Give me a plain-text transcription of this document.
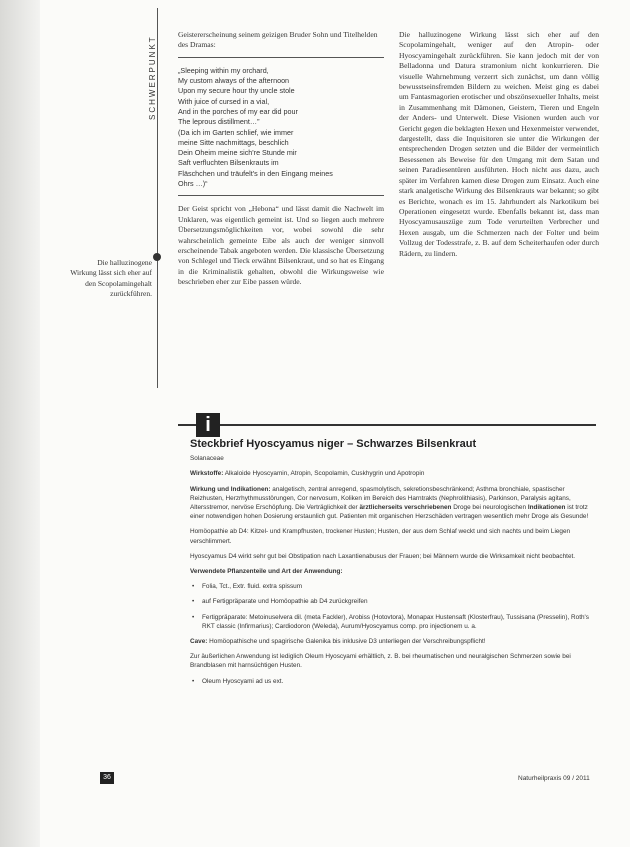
SCHWERPUNKT
Die halluzinogene Wirkung lässt sich eher auf den Scopolamingehalt zurückführen.

Geistererscheinung seinem geizigen Bruder Sohn und Titelhelden des Dramas:

„Sleeping within my orchard,
My custom always of the afternoon
Upon my secure hour thy uncle stole
With juice of cursed in a vial,
And in the porches of my ear did pour
The leprous distillment…”
(Da ich im Garten schlief, wie immer
meine Sitte nachmittags, beschlich
Dein Oheim meine sich're Stunde mir
Saft verfluchten Bilsenkrauts im
Fläschchen und träufelt's in den Eingang meines
Ohrs …)“

Der Geist spricht von „Hebona“ und lässt damit die Nachwelt im Unklaren, was eigentlich gemeint ist. Und so liegen auch mehrere Übersetzungsmöglichkeiten vor, wobei sowohl die sehr wahrscheinlich gemeinte Eibe als auch der weniger sinnvoll erscheinende Tabak angeboten werden. Die klassische Übersetzung von Schlegel und Tieck erwähnt Bilsenkraut, und so hat es Eingang in die Kriminalistik gehalten, obwohl die Wirkungsweise wie beschrieben eher zur Eibe passen würde.

Die halluzinogene Wirkung lässt sich eher auf den Scopolamingehalt, weniger auf den Atropin- oder Hyoscyamingehalt zurückführen. Sie kann jedoch mit der von Belladonna und Datura stramonium nicht konkurrieren. Die visuelle Wahrnehmung verzerrt sich zunächst, um dann völlig bewusstseinsfremden Bildern zu weichen. Meist ging es dabei um Fantasmagorien erotischer und obszönsexueller Inhalts, meist in Zusammenhang mit Dämonen, Geistern, Tieren und Engeln der Anders- und Unterwelt. Diese Visionen wurden auch vor Gericht gegen die beklagten Hexen und Hexenmeister verwendet, dargestellt, dass die Inquisitoren sie unter die Wirkungen der entsprechenden Drogen setzten und die Bilder der vermeintlich Besessenen als Beweise für den Umgang mit dem Satan und seinen Paradiesentüren ausführten. Hoch nicht aus dazu, auch später im Verfahren kamen diese Drogen zum Einsatz. Auch eine stark analgetische Wirkung des Bilsenkrauts war bekannt; so gibt es Berichte, wonach es im 15. Jahrhundert als Narkotikum bei Operationen eingesetzt wurde. Ebenfalls bekannt ist, dass man Hyoscyamusauszüge zum Tode verurteilten Verbrecher und Hexen ausgab, um die Schmerzen nach der Folter und beim Vollzug der Todesstrafe, z. B. auf dem Scheiterhaufen oder durch Rädern, zu lindern.

Steckbrief Hyoscyamus niger – Schwarzes Bilsenkraut

Solanaceae

Wirkstoffe: Alkaloide Hyoscyamin, Atropin, Scopolamin, Cuskhygrin und Apotropin

Wirkung und Indikationen: analgetisch, zentral anregend, spasmolytisch, sekretionsbeschränkend; Asthma bronchiale, spastischer Reizhusten, Herzrhythmusstörungen, Cor nervosum, Koliken im Bereich des Harntrakts (Nephrolithiasis), Parkinson, Paralysis agitans, Altersstremor, nervöse Erschöpfung. Die Verträglichkeit der ärztlicherseits verschriebenen Droge bei neurologischen Indikationen ist trotz einer notwendigen hohen Dosierung erstaunlich gut. Patienten mit organischen Herzschäden vertragen wesentlich mehr Droge als Gesunde!

Homöopathie ab D4: Kitzel- und Krampfhusten, trockener Husten; Husten, der aus dem Schlaf weckt und sich nachts und beim Liegen verschlimmert.

Hyoscyamus D4 wirkt sehr gut bei Obstipation nach Laxantienabusus der Frauen; bei Männern wurde die Wirksamkeit nicht beobachtet.

Verwendete Pflanzenteile und Art der Anwendung:

• Folia, Tct., Extr. fluid. extra spissum
• auf Fertigpräparate und Homöopathie ab D4 zurückgreifen
• Fertigpräparate: Metoinuselvera dil. (meta Fackler), Arobiss (Hotovtora), Monapax Hustensaft (Klosterfrau), Tussisana (Presselin), Roth's RKT classic (Infirmarius); Cardiodoron (Weleda), Aurum/Hyoscyamus comp. pro injectionem u. a.

Cave: Homöopathische und spagirische Galenika bis inklusive D3 unterliegen der Verschreibungspflicht!

Zur äußerlichen Anwendung ist lediglich Oleum Hyoscyami erhältlich, z. B. bei rheumatischen und neuralgischen Schmerzen sowie bei Brandblasen mit harnsüchtigen Husten.

• Oleum Hyoscyami ad us ext.
i
36	Naturheilpraxis 09 / 2011
